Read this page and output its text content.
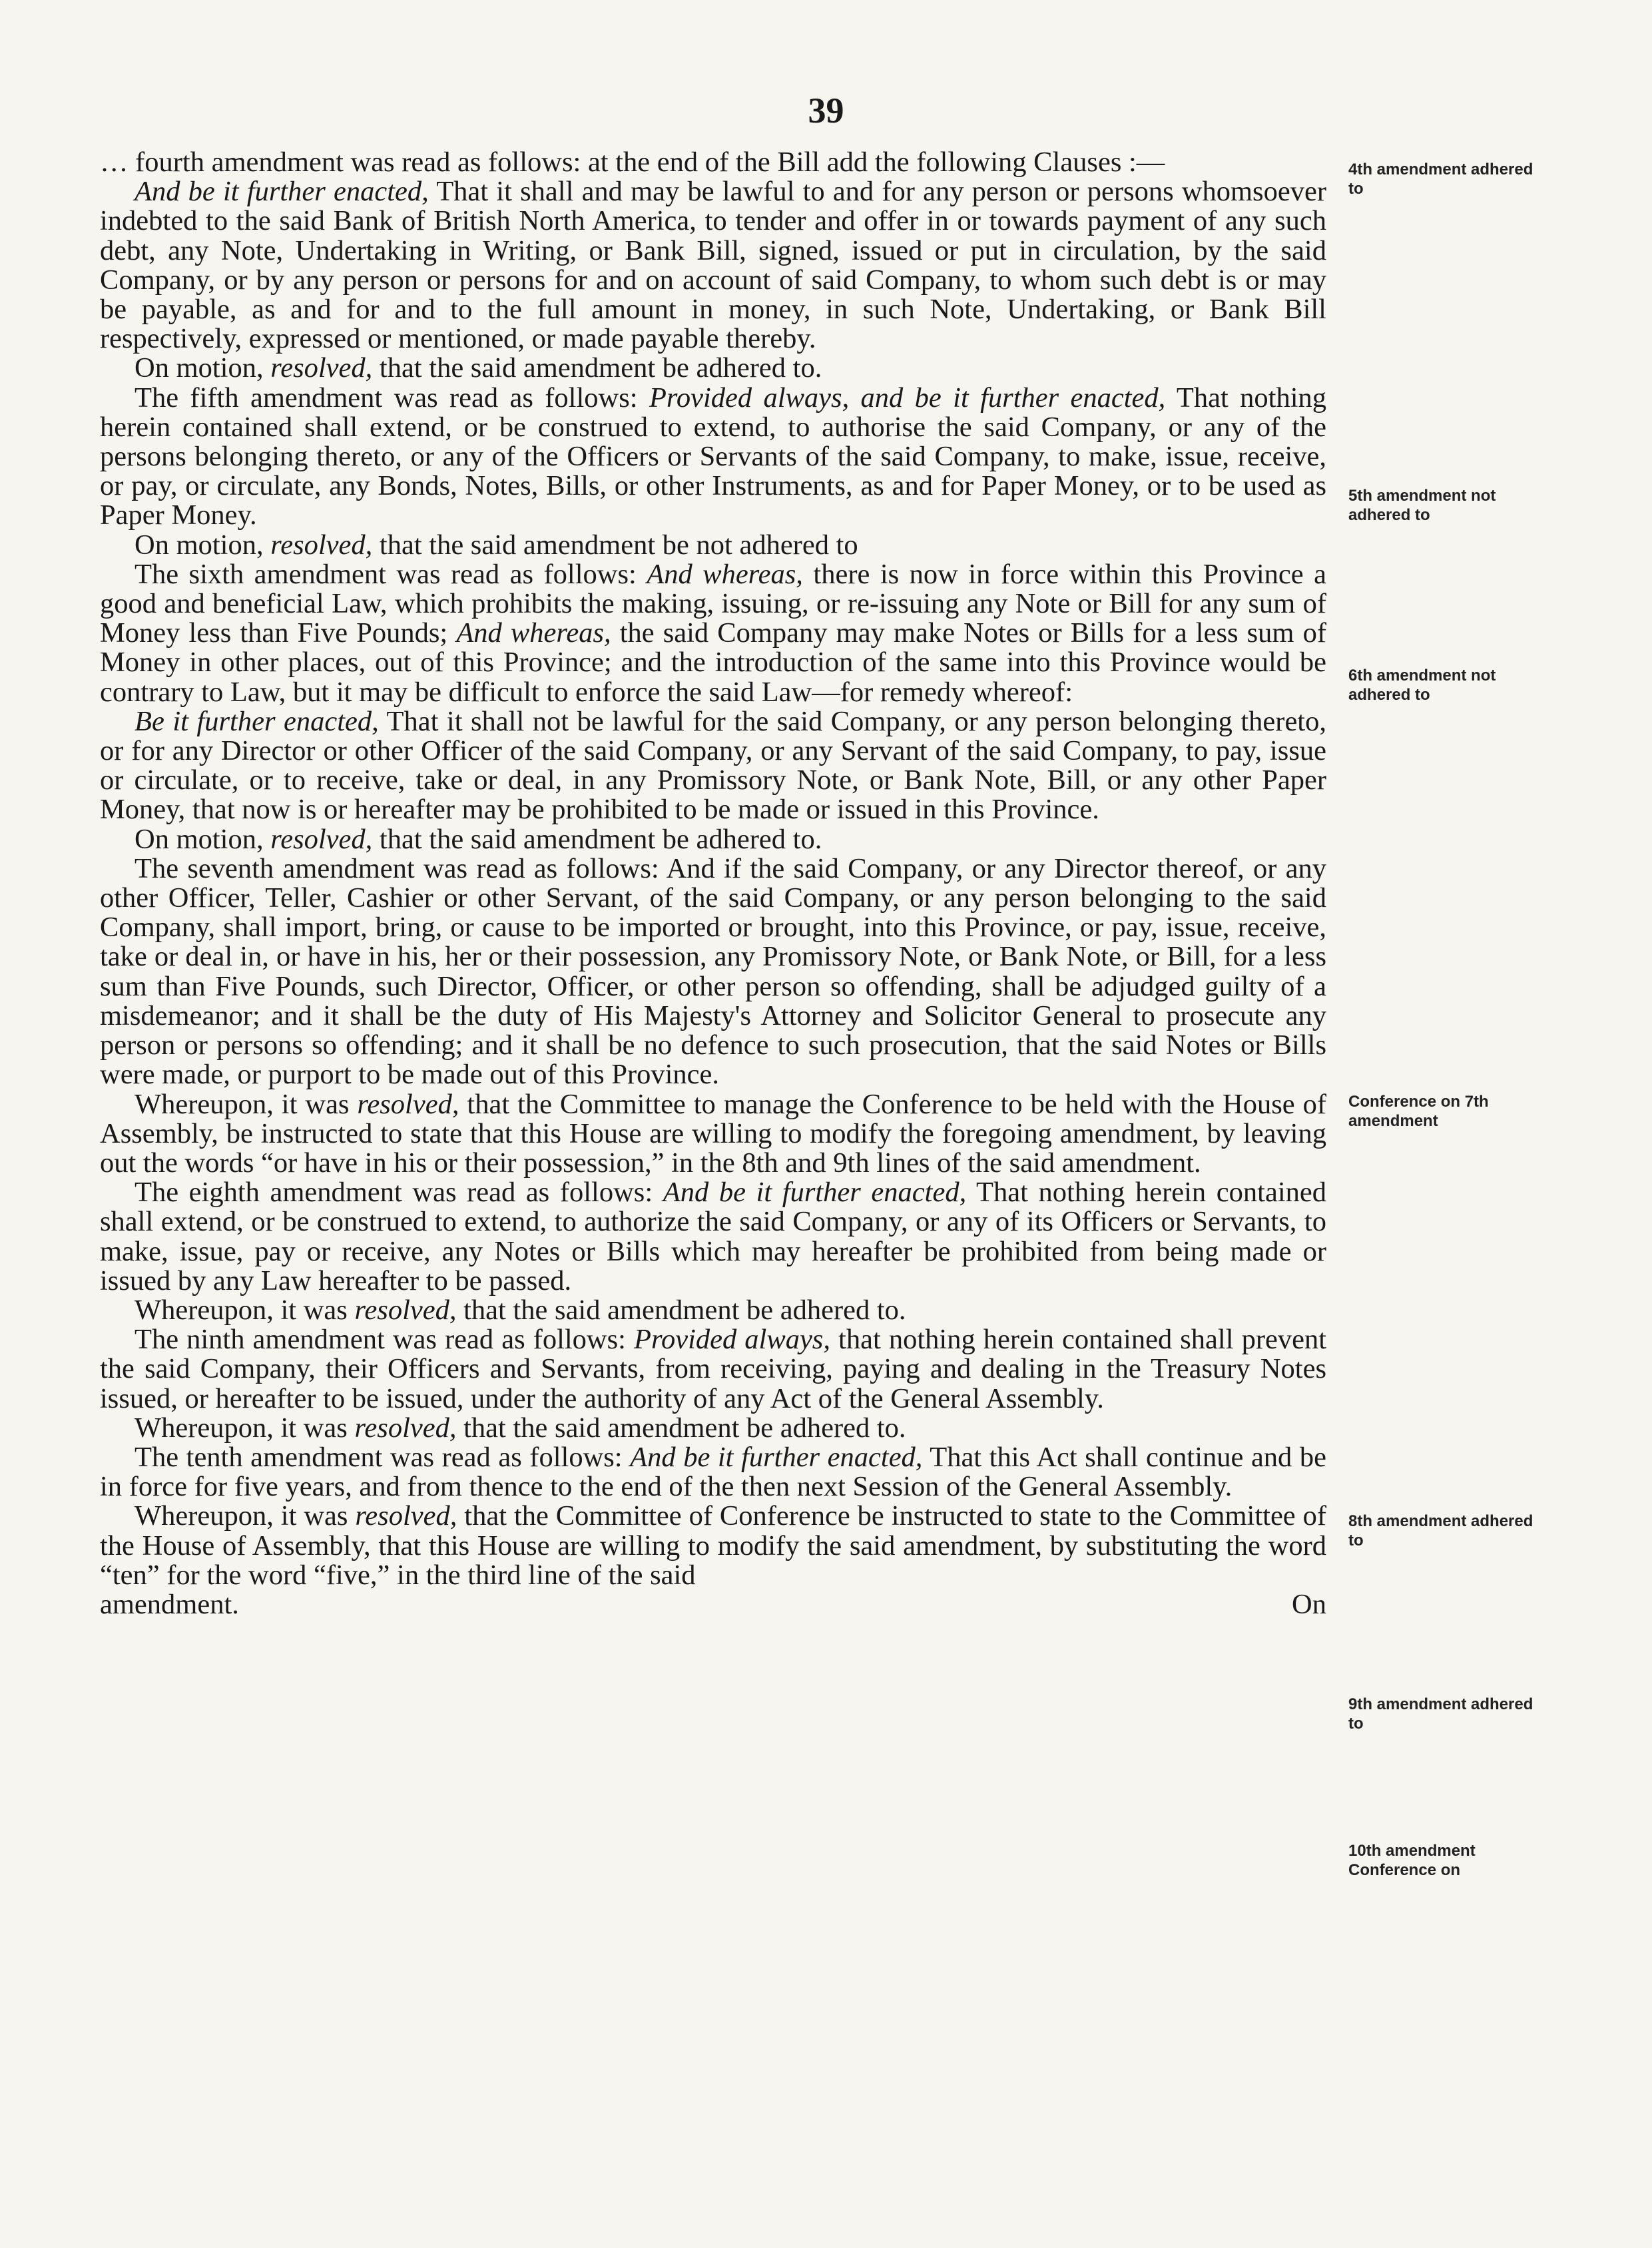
39

… fourth amendment was read as follows: at the end of the Bill add the following Clauses :—

And be it further enacted, That it shall and may be lawful to and for any person or persons whomsoever indebted to the said Bank of British North America, to tender and offer in or towards payment of any such debt, any Note, Undertaking in Writing, or Bank Bill, signed, issued or put in circulation, by the said Company, or by any person or persons for and on account of said Company, to whom such debt is or may be payable, as and for and to the full amount in money, in such Note, Undertaking, or Bank Bill respectively, expressed or mentioned, or made payable thereby.

On motion, resolved, that the said amendment be adhered to.

The fifth amendment was read as follows: Provided always, and be it further enacted, That nothing herein contained shall extend, or be construed to extend, to authorise the said Company, or any of the persons belonging thereto, or any of the Officers or Servants of the said Company, to make, issue, receive, or pay, or circulate, any Bonds, Notes, Bills, or other Instruments, as and for Paper Money, or to be used as Paper Money.

On motion, resolved, that the said amendment be not adhered to

The sixth amendment was read as follows: And whereas, there is now in force within this Province a good and beneficial Law, which prohibits the making, issuing, or re-issuing any Note or Bill for any sum of Money less than Five Pounds; And whereas, the said Company may make Notes or Bills for a less sum of Money in other places, out of this Province; and the introduction of the same into this Province would be contrary to Law, but it may be difficult to enforce the said Law—for remedy whereof:

Be it further enacted, That it shall not be lawful for the said Company, or any person belonging thereto, or for any Director or other Officer of the said Company, or any Servant of the said Company, to pay, issue or circulate, or to receive, take or deal, in any Promissory Note, or Bank Note, Bill, or any other Paper Money, that now is or hereafter may be prohibited to be made or issued in this Province.

On motion, resolved, that the said amendment be adhered to.

The seventh amendment was read as follows: And if the said Company, or any Director thereof, or any other Officer, Teller, Cashier or other Servant, of the said Company, or any person belonging to the said Company, shall import, bring, or cause to be imported or brought, into this Province, or pay, issue, receive, take or deal in, or have in his, her or their possession, any Promissory Note, or Bank Note, or Bill, for a less sum than Five Pounds, such Director, Officer, or other person so offending, shall be adjudged guilty of a misdemeanor; and it shall be the duty of His Majesty's Attorney and Solicitor General to prosecute any person or persons so offending; and it shall be no defence to such prosecution, that the said Notes or Bills were made, or purport to be made out of this Province.

Whereupon, it was resolved, that the Committee to manage the Conference to be held with the House of Assembly, be instructed to state that this House are willing to modify the foregoing amendment, by leaving out the words “or have in his or their possession,” in the 8th and 9th lines of the said amendment.

The eighth amendment was read as follows: And be it further enacted, That nothing herein contained shall extend, or be construed to extend, to authorize the said Company, or any of its Officers or Servants, to make, issue, pay or receive, any Notes or Bills which may hereafter be prohibited from being made or issued by any Law hereafter to be passed.

Whereupon, it was resolved, that the said amendment be adhered to.

The ninth amendment was read as follows: Provided always, that nothing herein contained shall prevent the said Company, their Officers and Servants, from receiving, paying and dealing in the Treasury Notes issued, or hereafter to be issued, under the authority of any Act of the General Assembly.

Whereupon, it was resolved, that the said amendment be adhered to.

The tenth amendment was read as follows: And be it further enacted, That this Act shall continue and be in force for five years, and from thence to the end of the then next Session of the General Assembly.

Whereupon, it was resolved, that the Committee of Conference be instructed to state to the Committee of the House of Assembly, that this House are willing to modify the said amendment, by substituting the word “ten” for the word “five,” in the third line of the said

amendment.	On
4th amendment adhered to
5th amendment not adhered to
6th amendment not adhered to
Conference on 7th amendment
8th amendment adhered to
9th amendment adhered to
10th amendment Conference on
